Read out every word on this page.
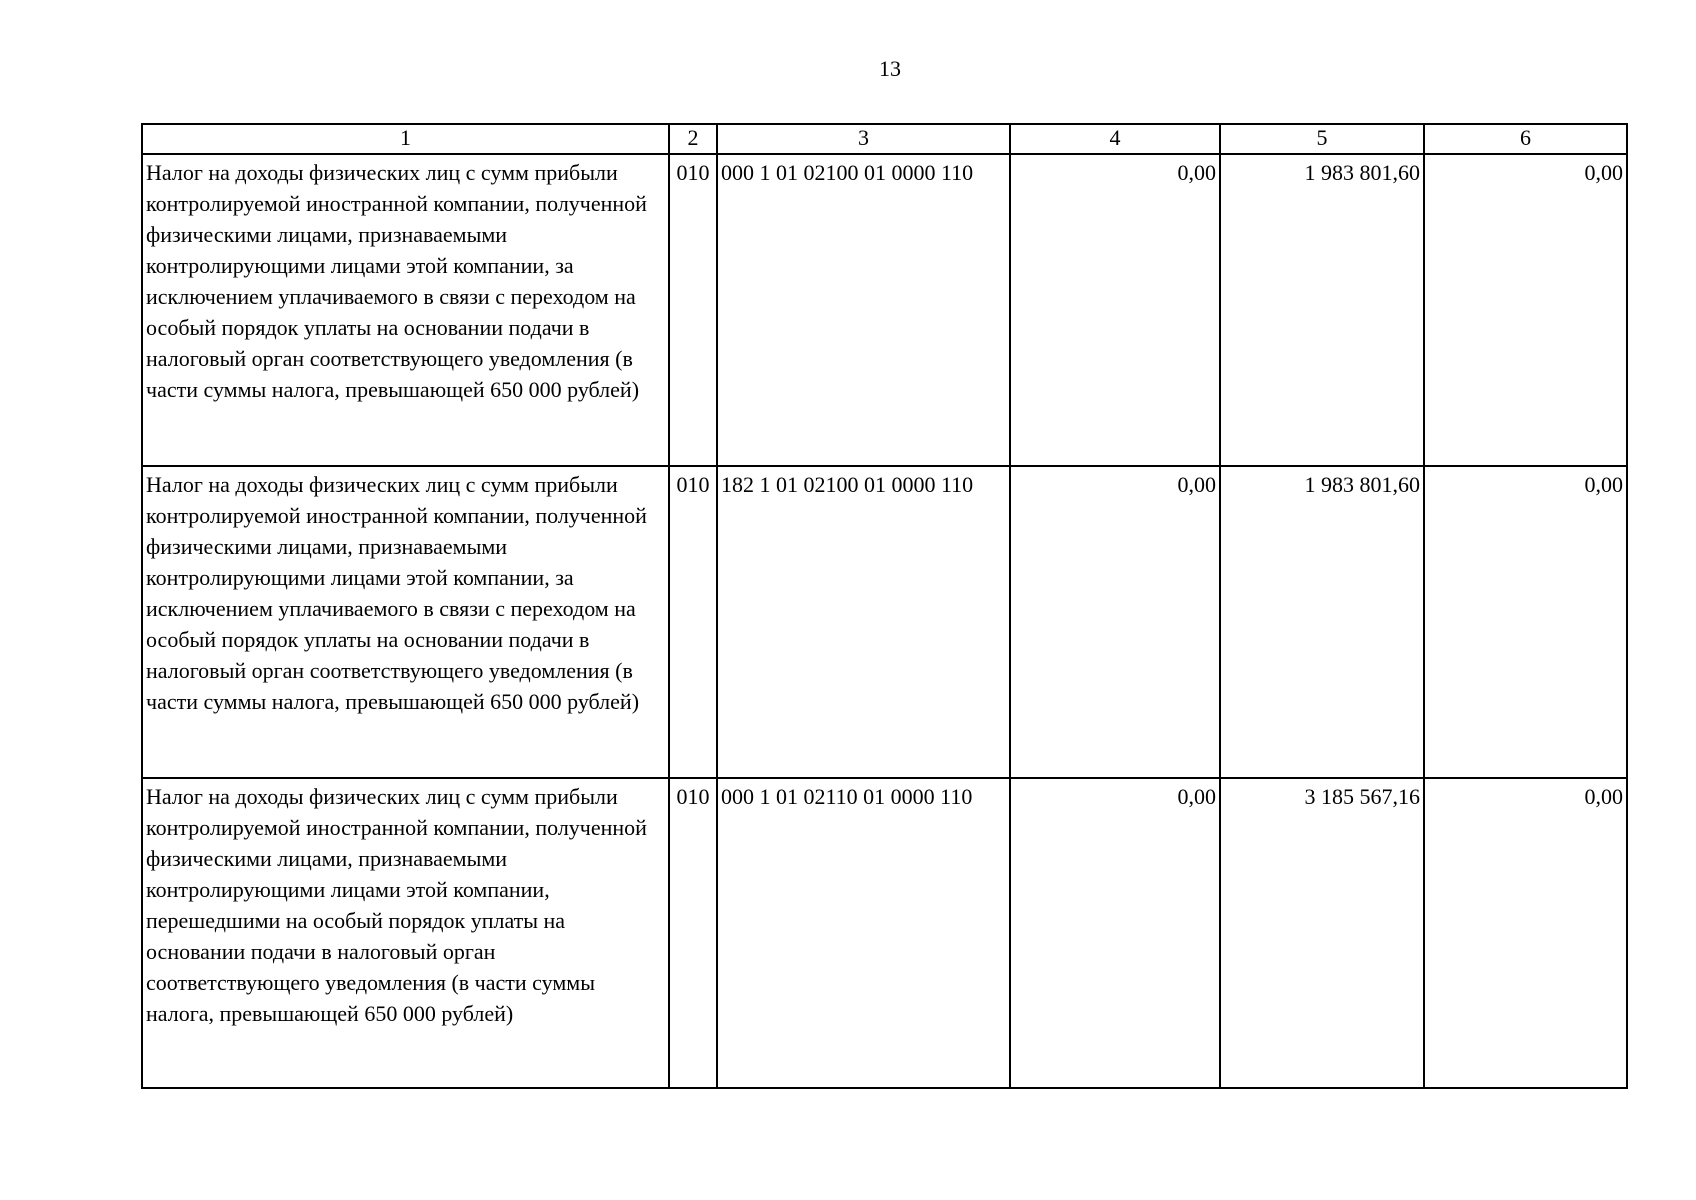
13
1	2	3	4	5	6
Налог на доходы физических лиц с сумм прибыли контролируемой иностранной компании, полученной физическими лицами, признаваемыми контролирующими лицами этой компании, за исключением уплачиваемого в связи с переходом на особый порядок уплаты на основании подачи в налоговый орган соответствующего уведомления (в части суммы налога, превышающей 650 000 рублей)	010	000 1 01 02100 01 0000 110	0,00	1 983 801,60	0,00
Налог на доходы физических лиц с сумм прибыли контролируемой иностранной компании, полученной физическими лицами, признаваемыми контролирующими лицами этой компании, за исключением уплачиваемого в связи с переходом на особый порядок уплаты на основании подачи в налоговый орган соответствующего уведомления (в части суммы налога, превышающей 650 000 рублей)	010	182 1 01 02100 01 0000 110	0,00	1 983 801,60	0,00
Налог на доходы физических лиц с сумм прибыли контролируемой иностранной компании, полученной физическими лицами, признаваемыми контролирующими лицами этой компании, перешедшими на особый порядок уплаты на основании подачи в налоговый орган соответствующего уведомления (в части суммы налога, превышающей 650 000 рублей)	010	000 1 01 02110 01 0000 110	0,00	3 185 567,16	0,00
